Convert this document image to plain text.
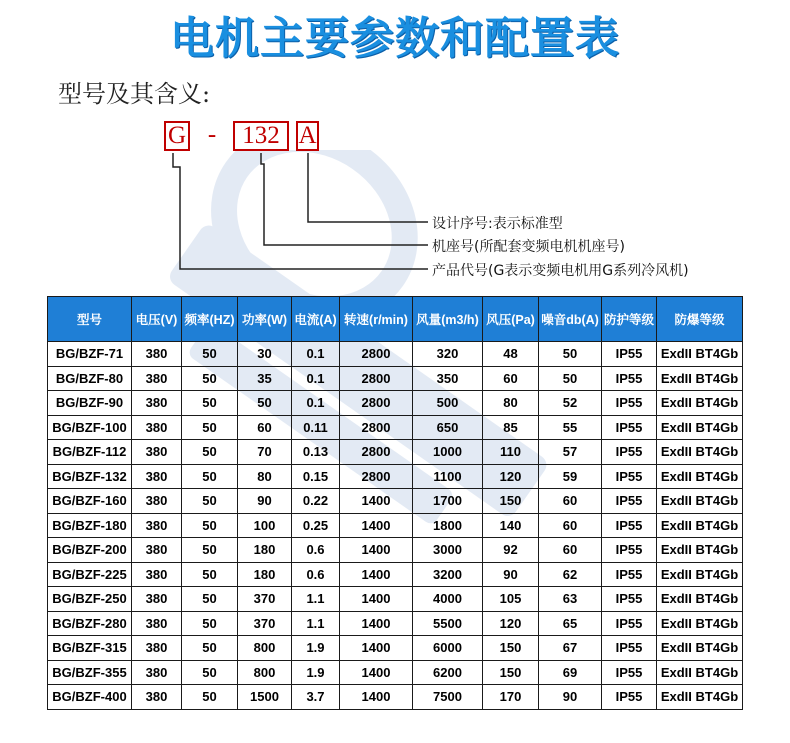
电机主要参数和配置表
型号及其含义:
G -	132 A
设计序号:表示标准型
机座号(所配套变频电机机座号)
产品代号(G表示变频电机用G系列冷风机)
型号	电压(V)	频率(HZ)	功率(W)	电流(A)	转速(r/min)	风量(m3/h)	风压(Pa)	噪音db(A)	防护等级	防爆等级
BG/BZF-71	380	50	30	0.1	2800	320	48	50	IP55	ExdII BT4Gb
BG/BZF-80	380	50	35	0.1	2800	350	60	50	IP55	ExdII BT4Gb
BG/BZF-90	380	50	50	0.1	2800	500	80	52	IP55	ExdII BT4Gb
BG/BZF-100	380	50	60	0.11	2800	650	85	55	IP55	ExdII BT4Gb
BG/BZF-112	380	50	70	0.13	2800	1000	110	57	IP55	ExdII BT4Gb
BG/BZF-132	380	50	80	0.15	2800	1100	120	59	IP55	ExdII BT4Gb
BG/BZF-160	380	50	90	0.22	1400	1700	150	60	IP55	ExdII BT4Gb
BG/BZF-180	380	50	100	0.25	1400	1800	140	60	IP55	ExdII BT4Gb
BG/BZF-200	380	50	180	0.6	1400	3000	92	60	IP55	ExdII BT4Gb
BG/BZF-225	380	50	180	0.6	1400	3200	90	62	IP55	ExdII BT4Gb
BG/BZF-250	380	50	370	1.1	1400	4000	105	63	IP55	ExdII BT4Gb
BG/BZF-280	380	50	370	1.1	1400	5500	120	65	IP55	ExdII BT4Gb
BG/BZF-315	380	50	800	1.9	1400	6000	150	67	IP55	ExdII BT4Gb
BG/BZF-355	380	50	800	1.9	1400	6200	150	69	IP55	ExdII BT4Gb
BG/BZF-400	380	50	1500	3.7	1400	7500	170	90	IP55	ExdII BT4Gb
